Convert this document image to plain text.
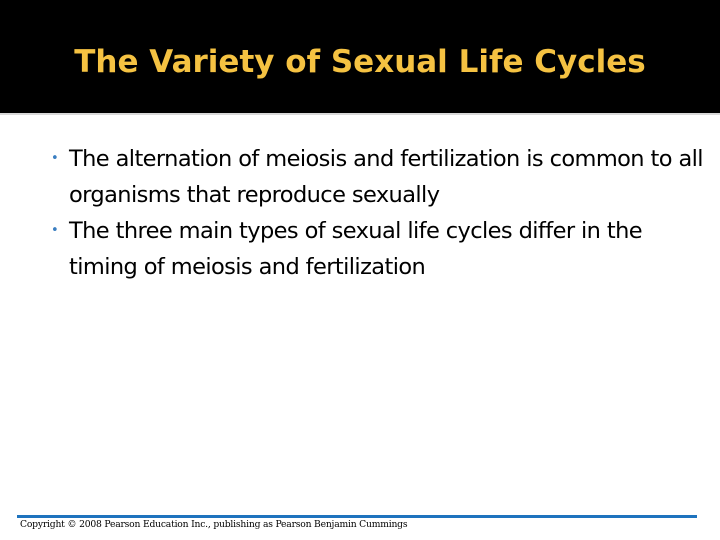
The Variety of Sexual Life Cycles
• The alternation of meiosis and fertilization is common to all organisms that reproduce sexually
• The three main types of sexual life cycles differ in the timing of meiosis and fertilization
Copyright © 2008 Pearson Education Inc., publishing as Pearson Benjamin Cummings
